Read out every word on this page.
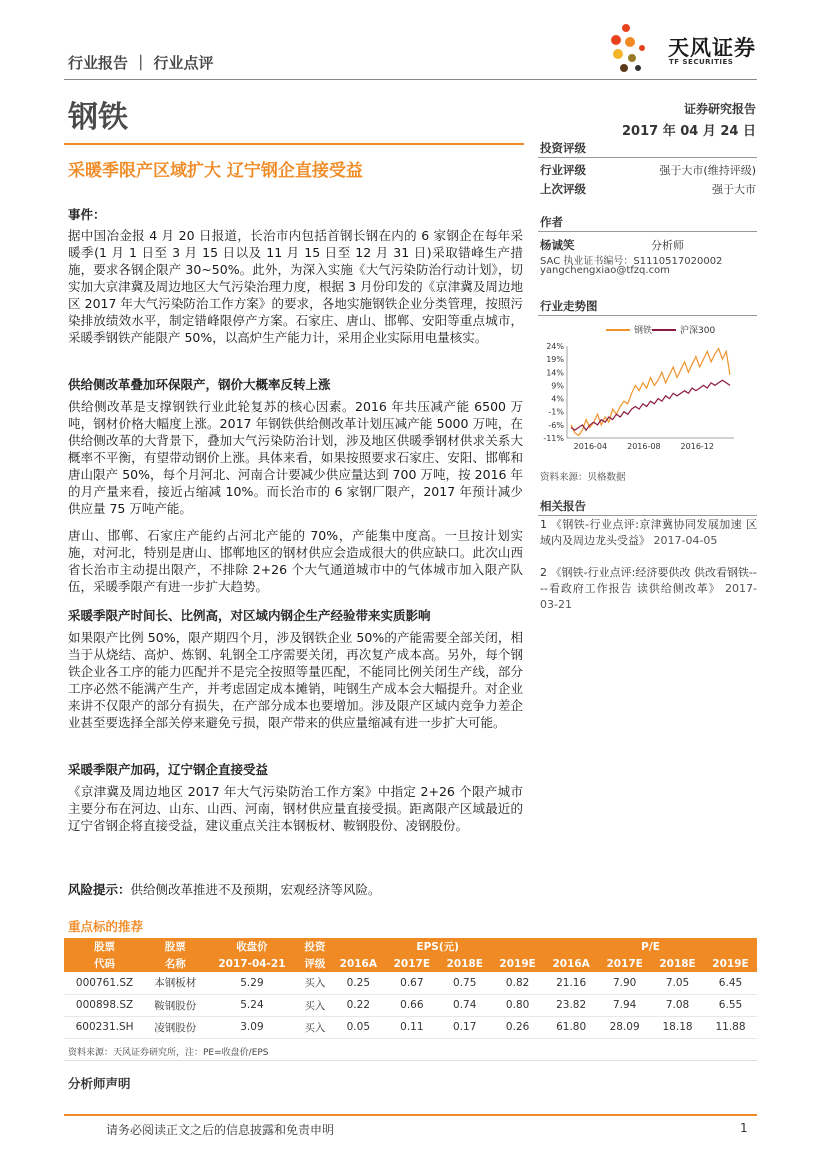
行业报告 ｜ 行业点评
天风证券
TF SECURITIES
钢铁	证券研究报告
2017 年 04 月 24 日
采暖季限产区域扩大 辽宁钢企直接受益
事件：
据中国冶金报 4 月 20 日报道，长治市内包括首钢长钢在内的 6 家钢企在每年采暖季(1 月 1 日至 3 月 15 日以及 11 月 15 日至 12 月 31 日)采取错峰生产措施，要求各钢企限产 30~50%。此外，为深入实施《大气污染防治行动计划》，切实加大京津冀及周边地区大气污染治理力度，根据 3 月份印发的《京津冀及周边地区 2017 年大气污染防治工作方案》的要求，各地实施钢铁企业分类管理，按照污染排放绩效水平，制定错峰限停产方案。石家庄、唐山、邯郸、安阳等重点城市，采暖季钢铁产能限产 50%，以高炉生产能力计，采用企业实际用电量核实。
供给侧改革叠加环保限产，钢价大概率反转上涨
供给侧改革是支撑钢铁行业此轮复苏的核心因素。2016 年共压减产能 6500 万吨，钢材价格大幅度上涨。2017 年钢铁供给侧改革计划压减产能 5000 万吨，在供给侧改革的大背景下，叠加大气污染防治计划，涉及地区供暖季钢材供求关系大概率不平衡，有望带动钢价上涨。具体来看，如果按照要求石家庄、安阳、邯郸和唐山限产 50%，每个月河北、河南合计要减少供应量达到 700 万吨，按 2016 年的月产量来看，接近占缩减 10%。而长治市的 6 家钢厂限产，2017 年预计减少供应量 75 万吨产能。
唐山、邯郸、石家庄产能约占河北产能的 70%，产能集中度高。一旦按计划实施，对河北，特别是唐山、邯郸地区的钢材供应会造成很大的供应缺口。此次山西省长治市主动提出限产，不排除 2+26 个大气通道城市中的气体城市加入限产队伍，采暖季限产有进一步扩大趋势。
采暖季限产时间长、比例高，对区域内钢企生产经验带来实质影响
如果限产比例 50%，限产期四个月，涉及钢铁企业 50%的产能需要全部关闭，相当于从烧结、高炉、炼钢、轧钢全工序需要关闭，再次复产成本高。另外，每个钢铁企业各工序的能力匹配并不是完全按照等量匹配，不能同比例关闭生产线，部分工序必然不能满产生产，并考虑固定成本摊销，吨钢生产成本会大幅提升。对企业来讲不仅限产的部分有损失，在产部分成本也要增加。涉及限产区域内竞争力差企业甚至要选择全部关停来避免亏损，限产带来的供应量缩减有进一步扩大可能。
采暖季限产加码，辽宁钢企直接受益
《京津冀及周边地区 2017 年大气污染防治工作方案》中指定 2+26 个限产城市主要分布在河边、山东、山西、河南，钢材供应量直接受损。距离限产区域最近的辽宁省钢企将直接受益，建议重点关注本钢板材、鞍钢股份、凌钢股份。
风险提示：供给侧改革推进不及预期，宏观经济等风险。
投资评级
行业评级	强于大市(维持评级)
上次评级	强于大市
作者
杨诚笑	分析师
SAC 执业证书编号：S1110517020002
yangchengxiao@tfzq.com
行业走势图
钢铁	沪深300
24%
19%
14%
9%
4%
-1%
-6%
-11%
2016-04	2016-08	2016-12
资料来源：贝格数据
相关报告
1 《钢铁-行业点评:京津冀协同发展加速 区域内及周边龙头受益》 2017-04-05
2 《钢铁-行业点评:经济要供改 供改看钢铁----看政府工作报告 读供给侧改革》 2017-03-21
重点标的推荐
股票	股票	收盘价	投资	EPS(元)				P/E			
代码	名称	2017-04-21	评级	2016A	2017E	2018E	2019E	2016A	2017E	2018E	2019E
000761.SZ	本钢板材	5.29	买入	0.25	0.67	0.75	0.82	21.16	7.90	7.05	6.45
000898.SZ	鞍钢股份	5.24	买入	0.22	0.66	0.74	0.80	23.82	7.94	7.08	6.55
600231.SH	凌钢股份	3.09	买入	0.05	0.11	0.17	0.26	61.80	28.09	18.18	11.88
资料来源：天风证券研究所，注：PE=收盘价/EPS
分析师声明
请务必阅读正文之后的信息披露和免责申明	1
